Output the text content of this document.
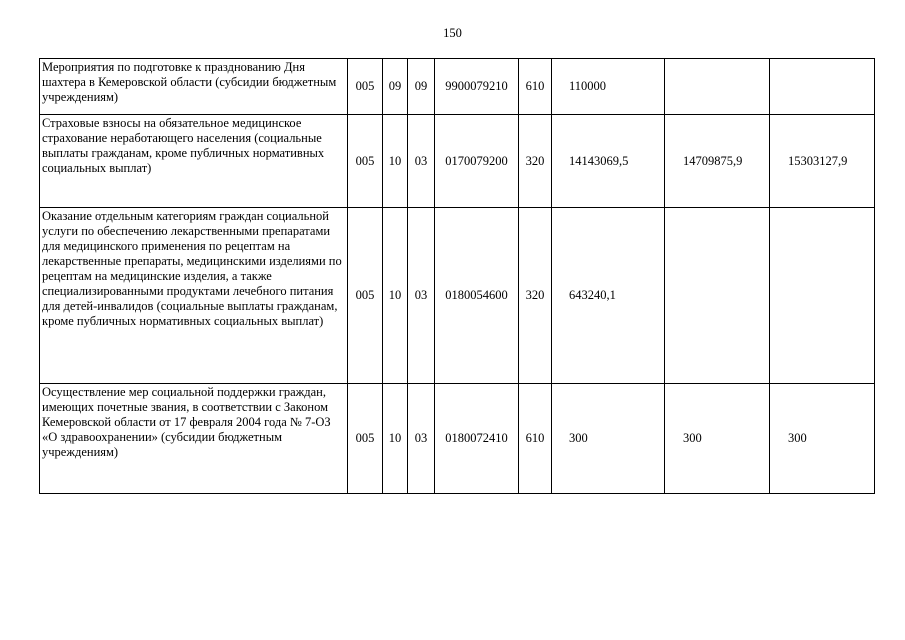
150
Мероприятия по подготовке к празднованию Дня шахтера в Кемеровской области (субсидии бюджетным учреждениям)	005	09	09	9900079210	610	110000		
Страховые взносы на обязательное медицинское страхование неработающего населения (социальные выплаты гражданам, кроме публичных нормативных социальных выплат)	005	10	03	0170079200	320	14143069,5	14709875,9	15303127,9
Оказание отдельным категориям граждан социальной услуги по обеспечению лекарственными препаратами для медицинского применения по рецептам на лекарственные препараты, медицинскими изделиями по рецептам на медицинские изделия, а также специализированными продуктами лечебного питания для детей-инвалидов (социальные выплаты гражданам, кроме публичных нормативных социальных выплат)	005	10	03	0180054600	320	643240,1		
Осуществление мер социальной поддержки граждан, имеющих почетные звания, в соответствии с Законом Кемеровской области от 17 февраля 2004 года № 7-ОЗ «О здравоохранении» (субсидии бюджетным учреждениям)	005	10	03	0180072410	610	300	300	300
